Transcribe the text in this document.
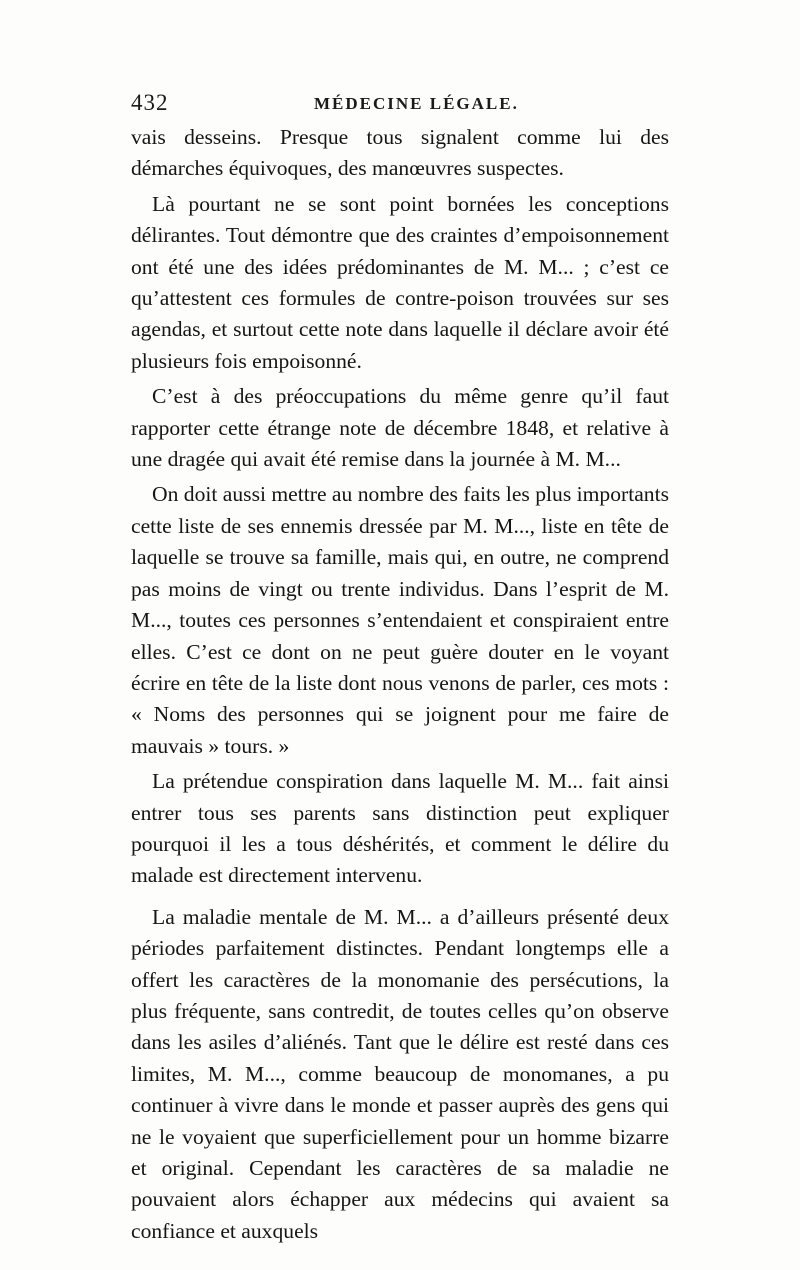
432	MÉDECINE LÉGALE.

vais desseins. Presque tous signalent comme lui des démarches équivoques, des manœuvres suspectes.

Là pourtant ne se sont point bornées les conceptions délirantes. Tout démontre que des craintes d’empoisonnement ont été une des idées prédominantes de M. M... ; c’est ce qu’attestent ces formules de contre-poison trouvées sur ses agendas, et surtout cette note dans laquelle il déclare avoir été plusieurs fois empoisonné.

C’est à des préoccupations du même genre qu’il faut rapporter cette étrange note de décembre 1848, et relative à une dragée qui avait été remise dans la journée à M. M...

On doit aussi mettre au nombre des faits les plus importants cette liste de ses ennemis dressée par M. M..., liste en tête de laquelle se trouve sa famille, mais qui, en outre, ne comprend pas moins de vingt ou trente individus. Dans l’esprit de M. M..., toutes ces personnes s’entendaient et conspiraient entre elles. C’est ce dont on ne peut guère douter en le voyant écrire en tête de la liste dont nous venons de parler, ces mots : « Noms des personnes qui se joignent pour me faire de mauvais » tours. »

La prétendue conspiration dans laquelle M. M... fait ainsi entrer tous ses parents sans distinction peut expliquer pourquoi il les a tous déshérités, et comment le délire du malade est directement intervenu.

La maladie mentale de M. M... a d’ailleurs présenté deux périodes parfaitement distinctes. Pendant longtemps elle a offert les caractères de la monomanie des persécutions, la plus fréquente, sans contredit, de toutes celles qu’on observe dans les asiles d’aliénés. Tant que le délire est resté dans ces limites, M. M..., comme beaucoup de monomanes, a pu continuer à vivre dans le monde et passer auprès des gens qui ne le voyaient que superficiellement pour un homme bizarre et original. Cependant les caractères de sa maladie ne pouvaient alors échapper aux médecins qui avaient sa confiance et auxquels
